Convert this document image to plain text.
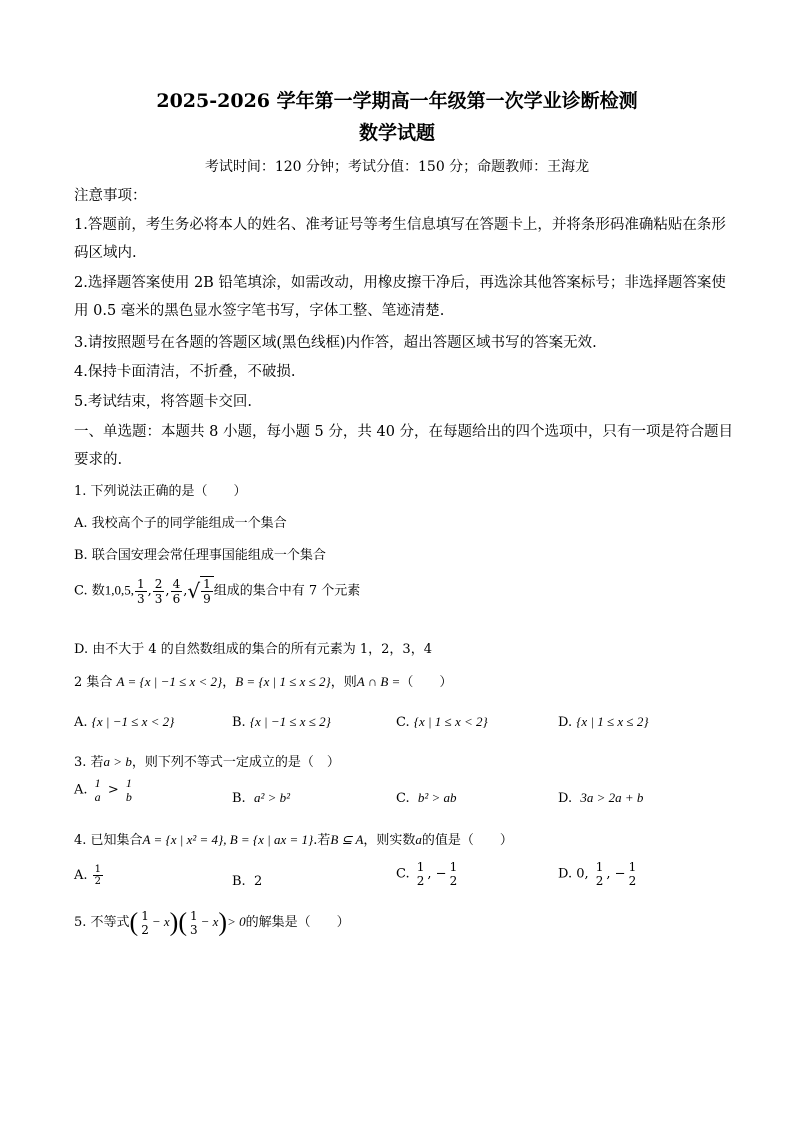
2025-2026 学年第一学期高一年级第一次学业诊断检测
数学试题
考试时间：120 分钟；考试分值：150 分；命题教师：王海龙
注意事项：
1.答题前，考生务必将本人的姓名、准考证号等考生信息填写在答题卡上，并将条形码准确粘贴在条形码区域内.
2.选择题答案使用 2B 铅笔填涂，如需改动，用橡皮擦干净后，再选涂其他答案标号；非选择题答案使用 0.5 毫米的黑色显水签字笔书写，字体工整、笔迹清楚.
3.请按照题号在各题的答题区域(黑色线框)内作答，超出答题区域书写的答案无效.
4.保持卡面清洁，不折叠，不破损.
5.考试结束，将答题卡交回.
一、单选题：本题共 8 小题，每小题 5 分，共 40 分，在每题给出的四个选项中，只有一项是符合题目要求的.
1. 下列说法正确的是（　　）
A. 我校高个子的同学能组成一个集合
B. 联合国安理会常任理事国能组成一个集合
C. 数1,0,5, $\frac{1}{3}$ , $\frac{2}{3}$ , $\frac{4}{6}$ ,√ $\frac{1}{9}$ 组成的集合中有 7 个元素
D. 由不大于 4 的自然数组成的集合的所有元素为 1，2，3，4
2 集合 A = {x | −1 ≤ x < 2}，B = {x | 1 ≤ x ≤ 2}，则A ∩ B =（　　）
A. {x | −1 ≤ x < 2}	B. {x | −1 ≤ x ≤ 2}	C. {x | 1 ≤ x < 2}	D. {x | 1 ≤ x ≤ 2}
3. 若a > b，则下列不等式一定成立的是（　）
A. 1
a > 1
b	B. a² > b²	C. b² > ab	D. 3a > 2a + b
4. 已知集合A = {x | x² = 4}, B = {x | ax = 1}.若B ⊆ A，则实数a的值是（　　）
A. $\frac{1}{2}$	B. 2	C. 1
2 , − 1
2	D. 0, 1
2 , − 1
2
5. 不等式( 1
2
− x)( 1
3
− x)> 0的解集是（　　）
